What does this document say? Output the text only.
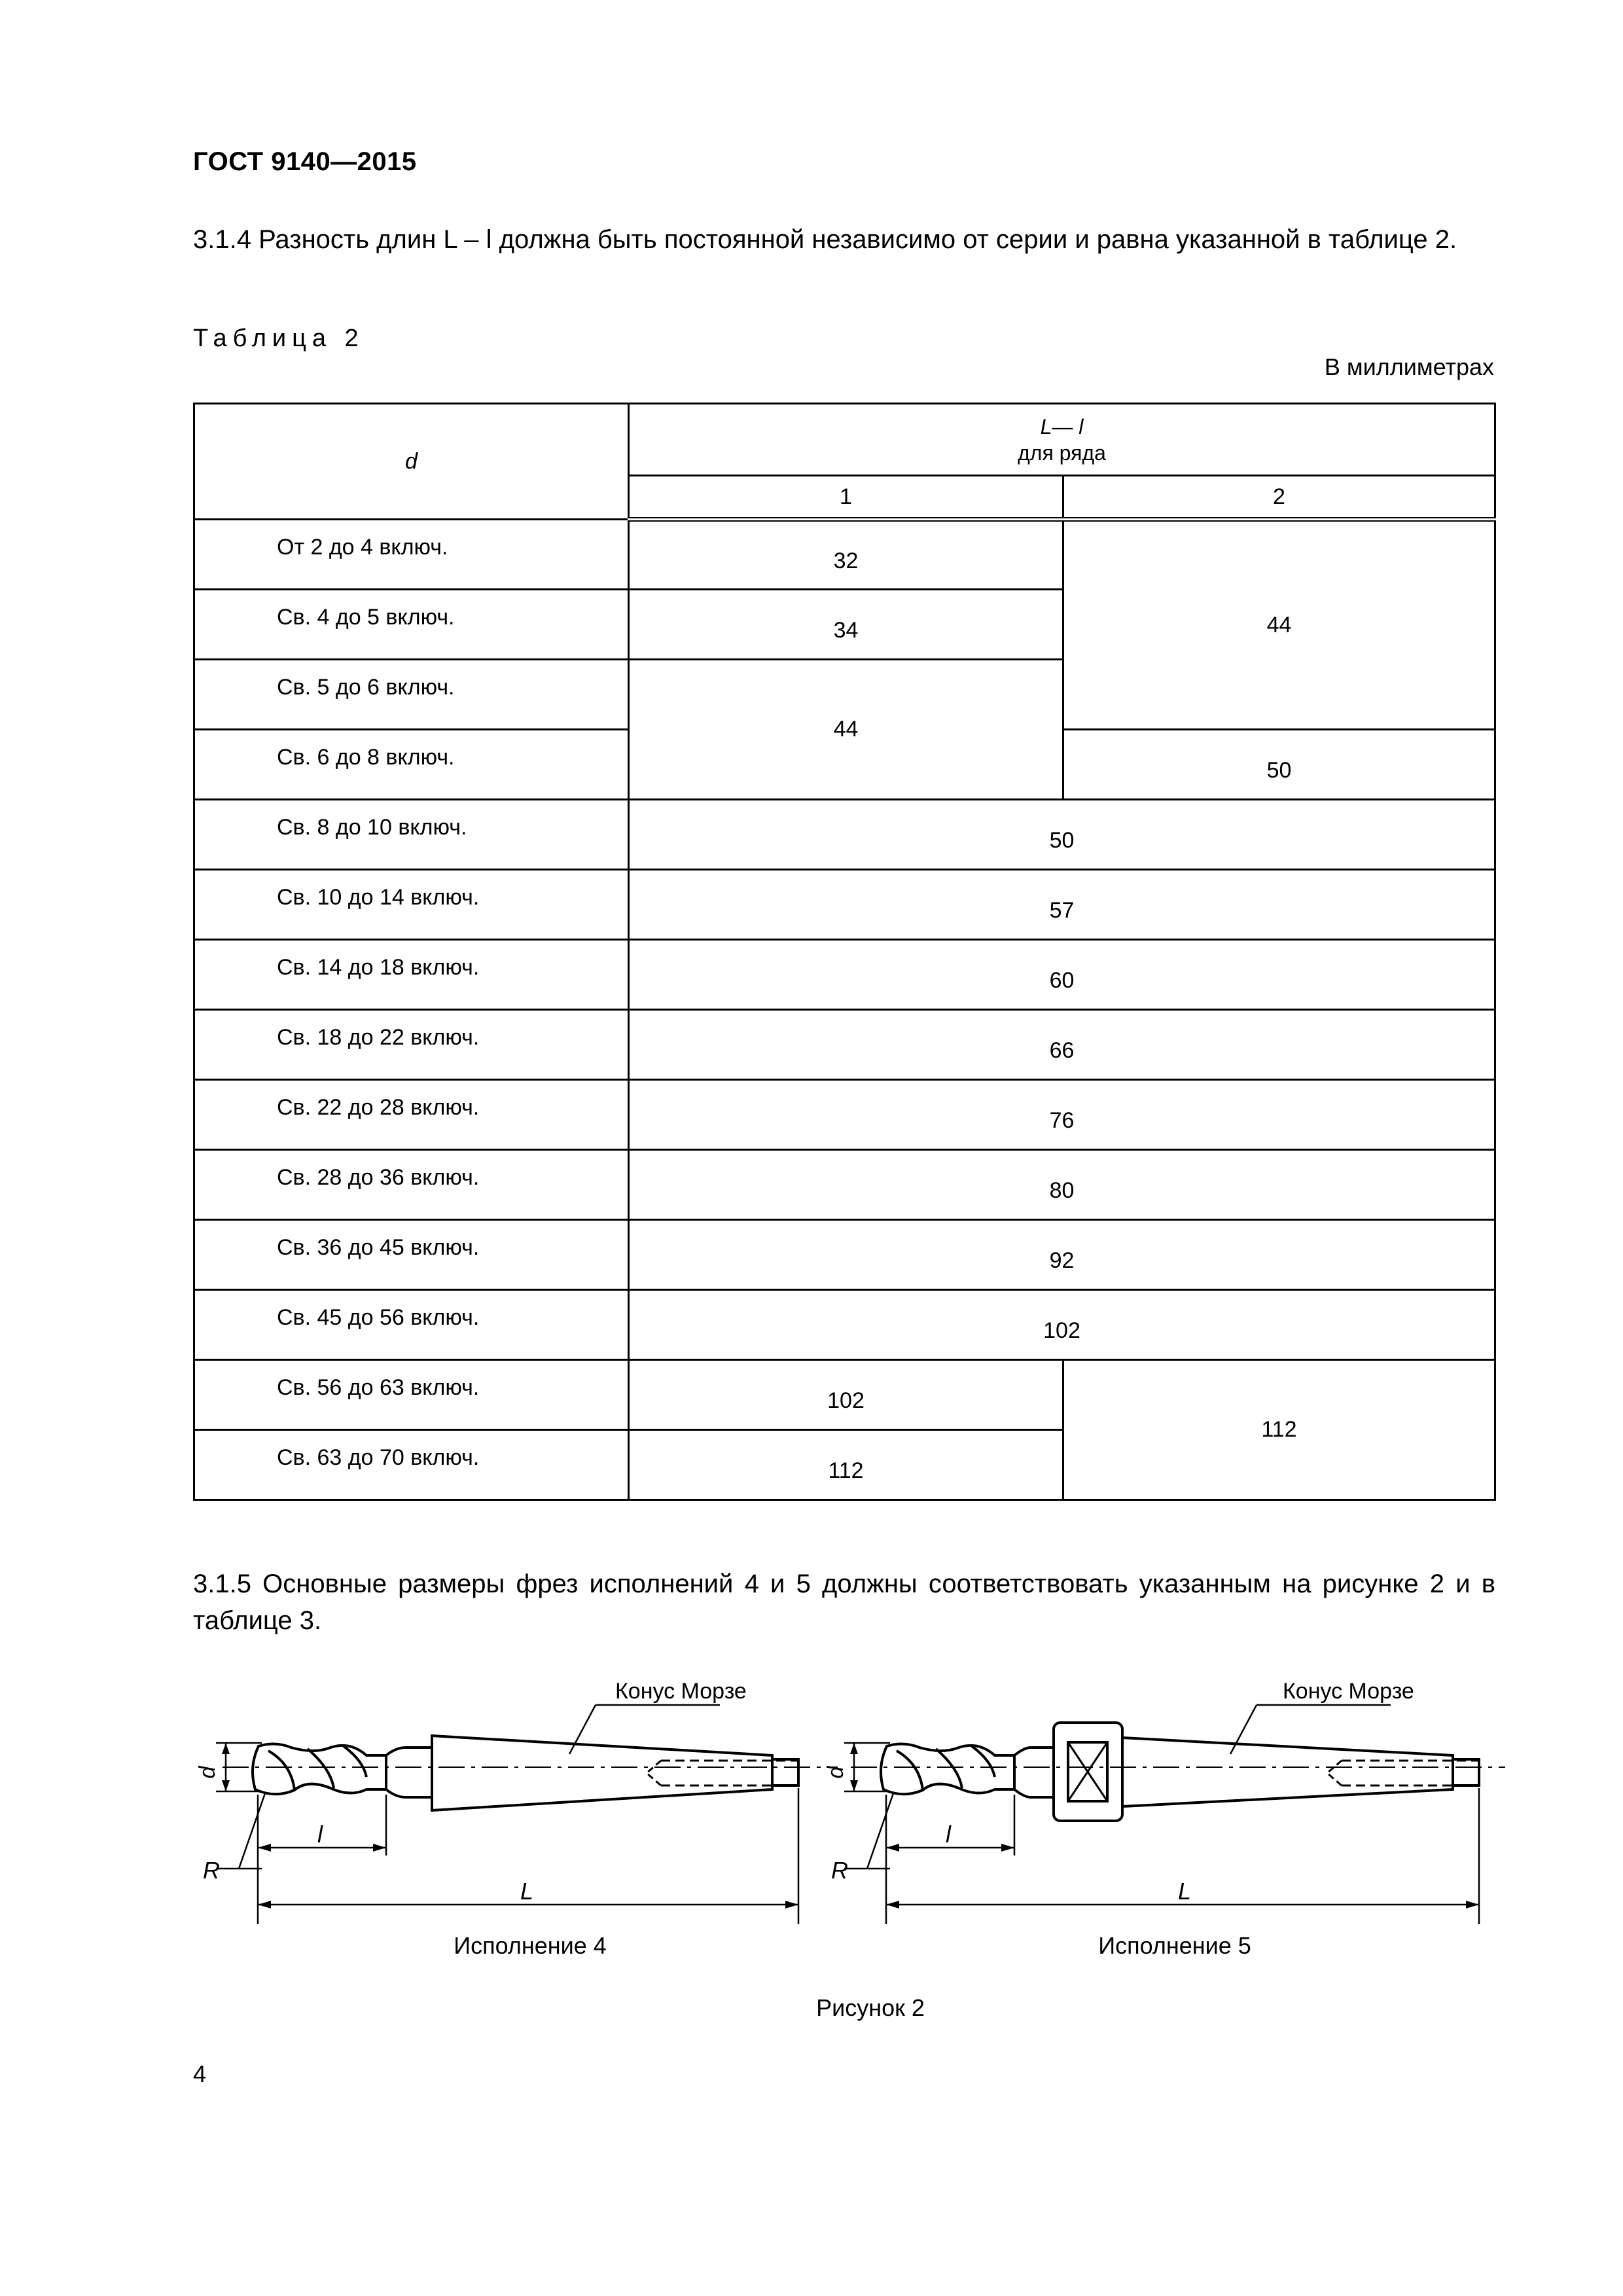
ГОСТ 9140—2015
3.1.4 Разность длин L – l должна быть постоянной независимо от серии и равна указанной в таблице 2.
Таблица 2
В миллиметрах
d	L— l
для ряда	

	1	2

От 2 до 4 включ.	32	44

Св. 4 до 5 включ.	34	

Св. 5 до 6 включ.	44	

Св. 6 до 8 включ.		50

Св. 8 до 10 включ.	50	

Св. 10 до 14 включ.	57	

Св. 14 до 18 включ.	60	

Св. 18 до 22 включ.	66	

Св. 22 до 28 включ.	76	

Св. 28 до 36 включ.	80	

Св. 36 до 45 включ.	92	

Св. 45 до 56 включ.	102	

Св. 56 до 63 включ.	102	112

Св. 63 до 70 включ.	112	
3.1.5 Основные размеры фрез исполнений 4 и 5 должны соответствовать указанным на рисунке 2 и в таблице 3.
Конус Морзе
d
R
l
L
Конус Морзе
d
R
l
L
Исполнение 4	Исполнение 5
Рисунок 2
4
